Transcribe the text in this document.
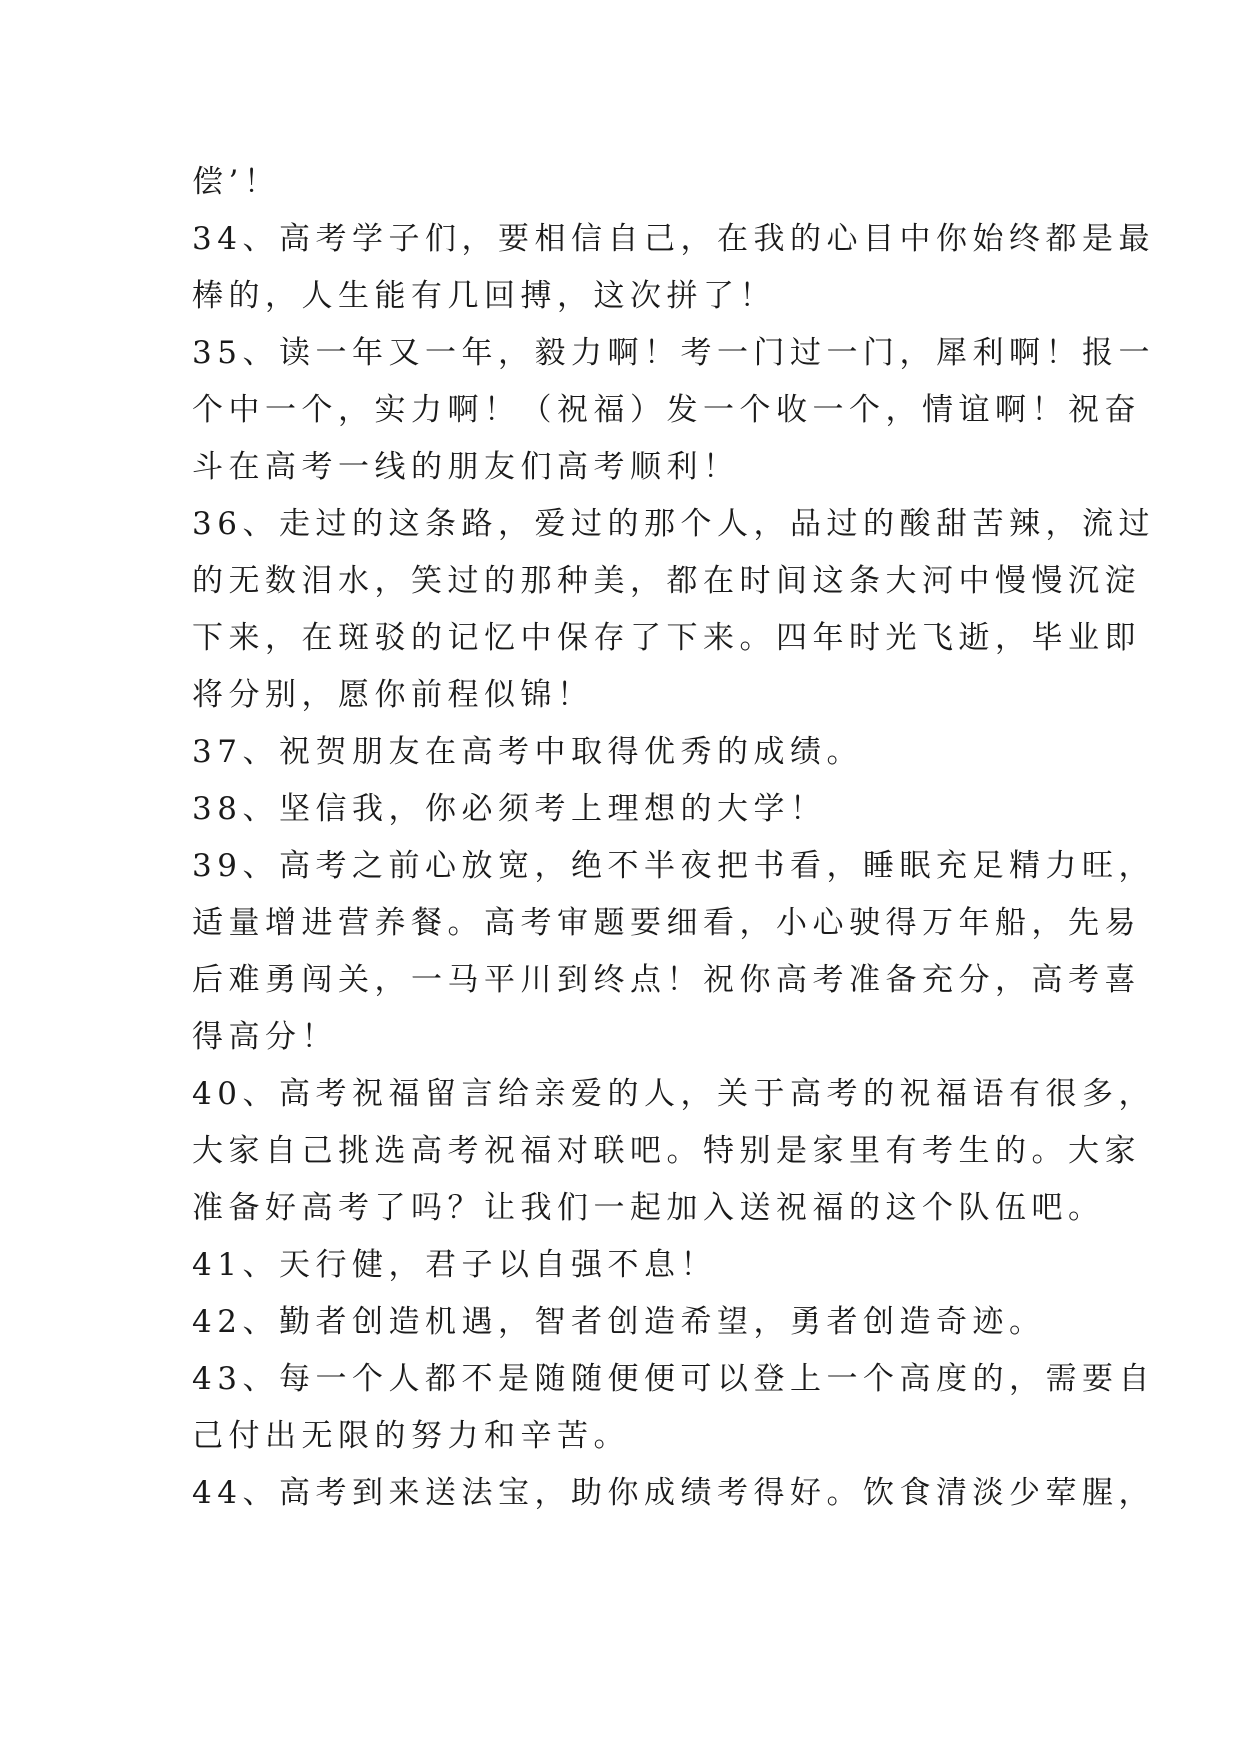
偿’！
34、高考学子们，要相信自己，在我的心目中你始终都是最
棒的，人生能有几回搏，这次拼了！
35、读一年又一年，毅力啊！考一门过一门，犀利啊！报一
个中一个，实力啊！（祝福）发一个收一个，情谊啊！祝奋
斗在高考一线的朋友们高考顺利！
36、走过的这条路，爱过的那个人，品过的酸甜苦辣，流过
的无数泪水，笑过的那种美，都在时间这条大河中慢慢沉淀
下来，在斑驳的记忆中保存了下来。四年时光飞逝，毕业即
将分别，愿你前程似锦！
37、祝贺朋友在高考中取得优秀的成绩。
38、坚信我，你必须考上理想的大学！
39、高考之前心放宽，绝不半夜把书看，睡眠充足精力旺，
适量增进营养餐。高考审题要细看，小心驶得万年船，先易
后难勇闯关，一马平川到终点！祝你高考准备充分，高考喜
得高分！
40、高考祝福留言给亲爱的人，关于高考的祝福语有很多，
大家自己挑选高考祝福对联吧。特别是家里有考生的。大家
准备好高考了吗？让我们一起加入送祝福的这个队伍吧。
41、天行健，君子以自强不息！
42、勤者创造机遇，智者创造希望，勇者创造奇迹。
43、每一个人都不是随随便便可以登上一个高度的，需要自
己付出无限的努力和辛苦。
44、高考到来送法宝，助你成绩考得好。饮食清淡少荤腥，
